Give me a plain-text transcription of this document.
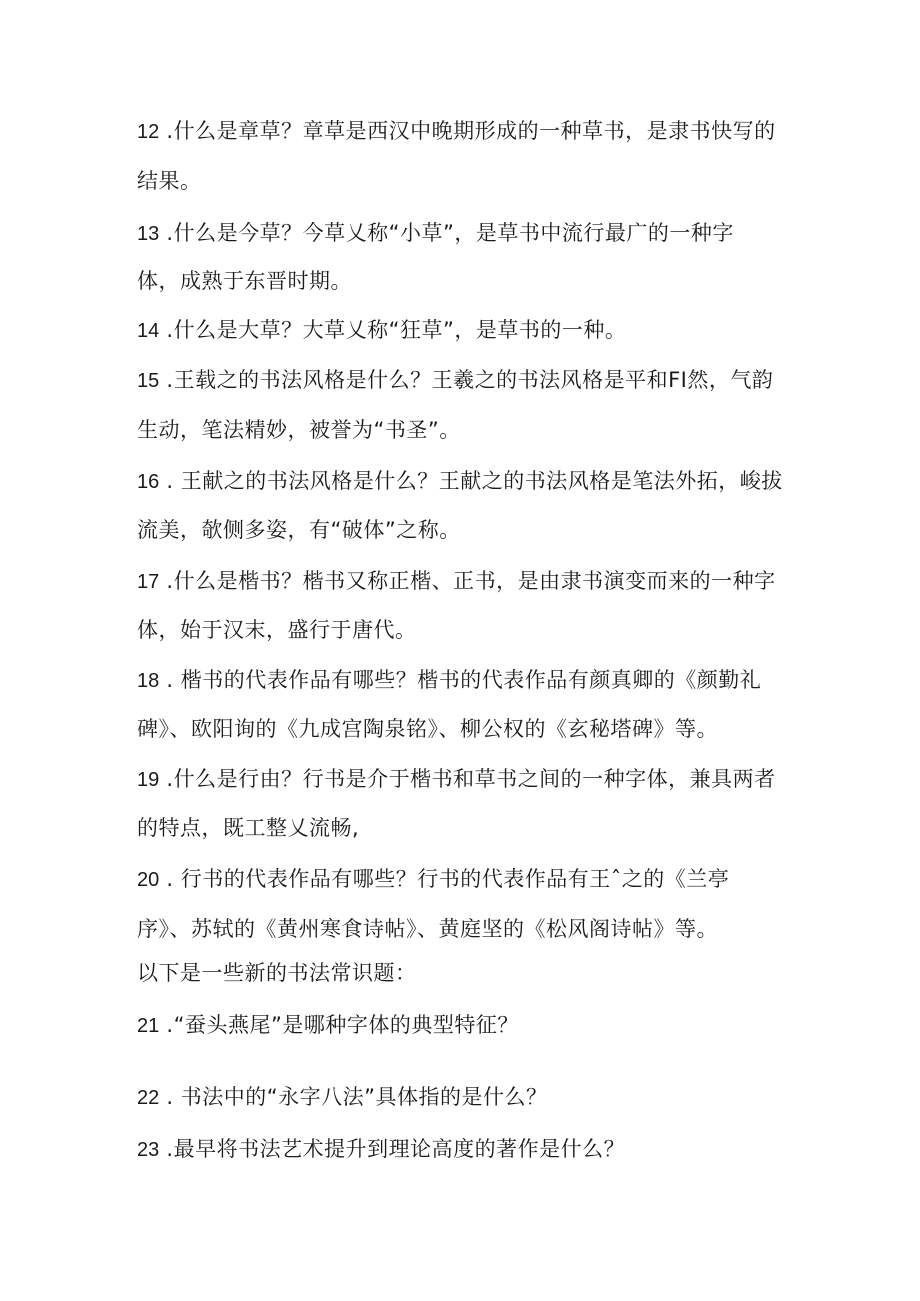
12 .什么是章草？章草是西汉中晚期形成的一种草书，是隶书快写的
结果。
13 .什么是今草？今草乂称“小草”，是草书中流行最广的一种字
体，成熟于东晋时期。
14 .什么是大草？大草乂称“狂草”，是草书的一种。
15 .王载之的书法风格是什么？王羲之的书法风格是平和FI然，气韵
生动，笔法精妙，被誉为“书圣”。
16 . 王献之的书法风格是什么？王献之的书法风格是笔法外拓，峻拔
流美，欹侧多姿，有“破体”之称。
17 .什么是楷书？楷书又称正楷、正书，是由隶书演变而来的一种字
体，始于汉末，盛行于唐代。
18 . 楷书的代表作品有哪些？楷书的代表作品有颜真卿的《颜勤礼
碑》、欧阳询的《九成宫陶泉铭》、柳公权的《玄秘塔碑》等。
19 .什么是行由？行书是介于楷书和草书之间的一种字体，兼具两者
的特点，既工整乂流畅,
20 . 行书的代表作品有哪些？行书的代表作品有王ˆ之的《兰亭
序》、苏轼的《黄州寒食诗帖》、黄庭坚的《松风阁诗帖》等。
以下是一些新的书法常识题：
21 .“蚕头燕尾”是哪种字体的典型特征？
22 . 书法中的“永字八法”具体指的是什么？
23 .最早将书法艺术提升到理论高度的著作是什么？
